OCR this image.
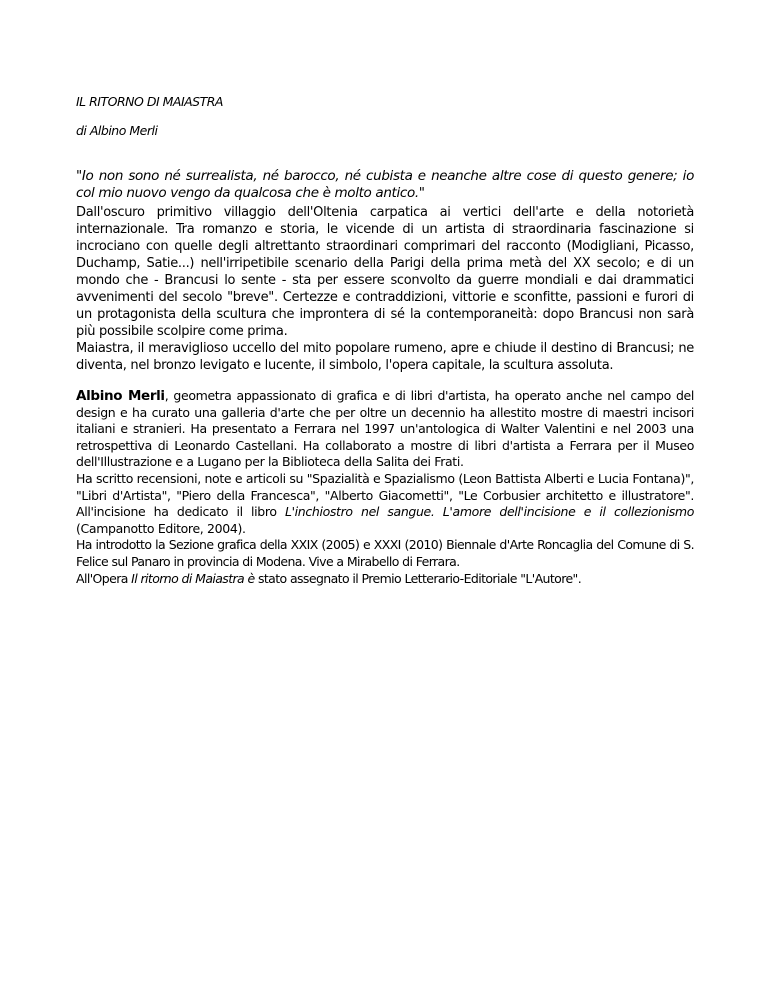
IL RITORNO DI MAIASTRA

di Albino Merli

"Io non sono né surrealista, né barocco, né cubista e neanche altre cose di questo genere; io col mio nuovo vengo da qualcosa che è molto antico."

Dall'oscuro primitivo villaggio dell'Oltenia carpatica ai vertici dell'arte e della notorietà internazionale. Tra romanzo e storia, le vicende di un artista di straordinaria fascinazione si incrociano con quelle degli altrettanto straordinari comprimari del racconto (Modigliani, Picasso, Duchamp, Satie...) nell'irripetibile scenario della Parigi della prima metà del XX secolo; e di un mondo che - Brancusi lo sente - sta per essere sconvolto da guerre mondiali e dai drammatici avvenimenti del secolo "breve". Certezze e contraddizioni, vittorie e sconfitte, passioni e furori di un protagonista della scultura che improntera di sé la contemporaneità: dopo Brancusi non sarà più possibile scolpire come prima.

Maiastra, il meraviglioso uccello del mito popolare rumeno, apre e chiude il destino di Brancusi; ne diventa, nel bronzo levigato e lucente, il simbolo, l'opera capitale, la scultura assoluta.

Albino Merli, geometra appassionato di grafica e di libri d'artista, ha operato anche nel campo del design e ha curato una galleria d'arte che per oltre un decennio ha allestito mostre di maestri incisori italiani e stranieri. Ha presentato a Ferrara nel 1997 un'antologica di Walter Valentini e nel 2003 una retrospettiva di Leonardo Castellani. Ha collaborato a mostre di libri d'artista a Ferrara per il Museo dell'Illustrazione e a Lugano per la Biblioteca della Salita dei Frati.

Ha scritto recensioni, note e articoli su "Spazialità e Spazialismo (Leon Battista Alberti e Lucia Fontana)", "Libri d'Artista", "Piero della Francesca", "Alberto Giacometti", "Le Corbusier architetto e illustratore". All'incisione ha dedicato il libro L'inchiostro nel sangue. L'amore dell'incisione e il collezionismo (Campanotto Editore, 2004).

Ha introdotto la Sezione grafica della XXIX (2005) e XXXI (2010) Biennale d'Arte Roncaglia del Comune di S. Felice sul Panaro in provincia di Modena. Vive a Mirabello di Ferrara.

All'Opera Il ritorno di Maiastra è stato assegnato il Premio Letterario-Editoriale "L'Autore".
